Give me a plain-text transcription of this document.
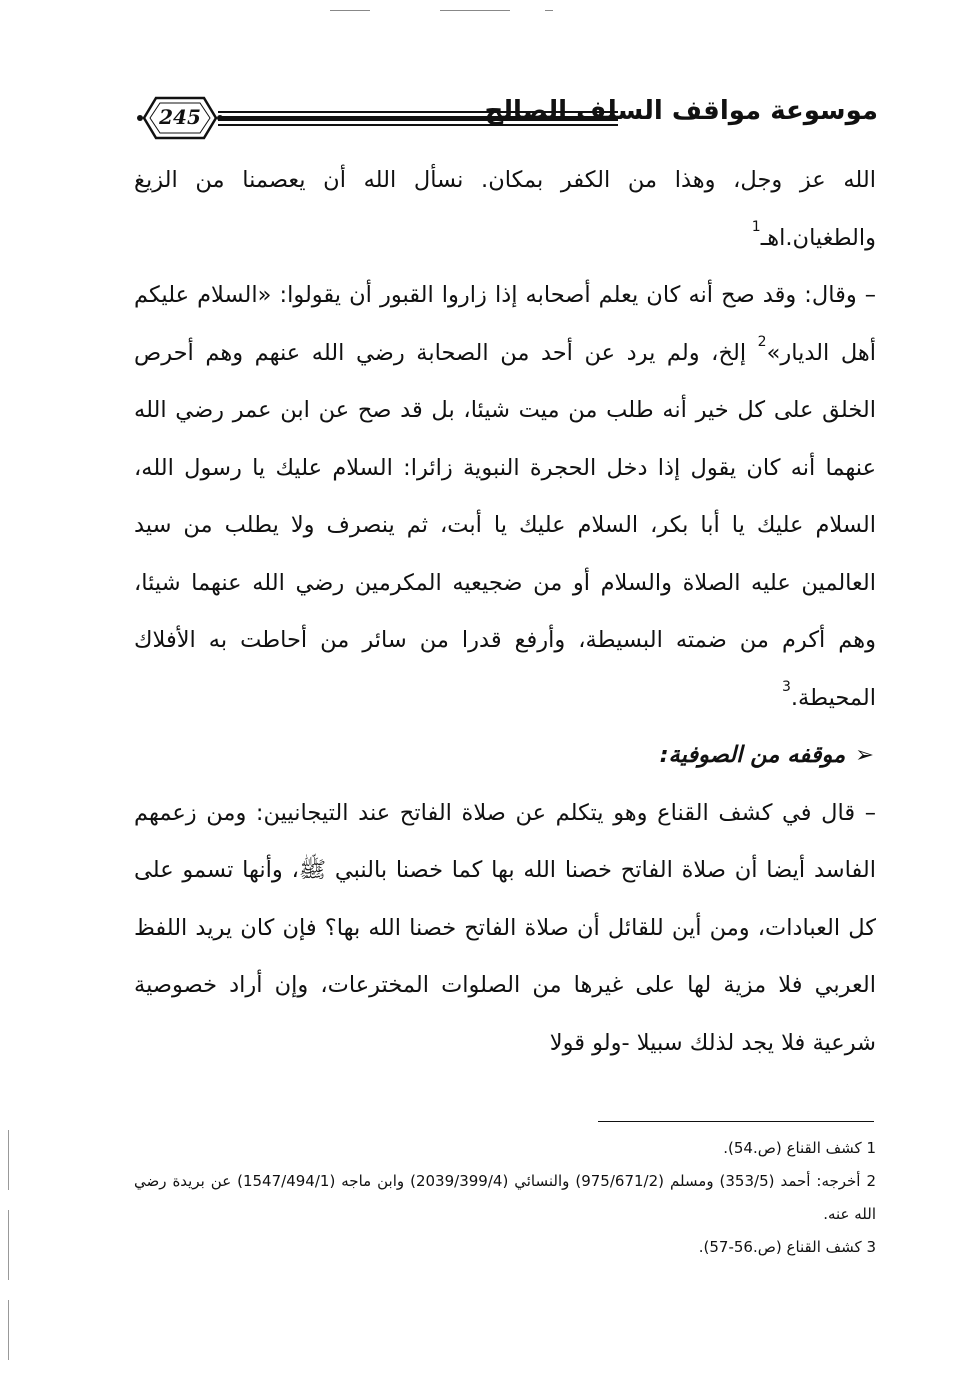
245	موسوعة مواقف السلف الصالح

الله عز وجل، وهذا من الكفر بمكان. نسأل الله أن يعصمنا من الزيغ والطغيان.اهـ$^1$

– وقال: وقد صح أنه كان يعلم أصحابه إذا زاروا القبور أن يقولوا: «السلام عليكم أهل الديار»$^2$ إلخ، ولم يرد عن أحد من الصحابة رضي الله عنهم وهم أحرص الخلق على كل خير أنه طلب من ميت شيئا، بل قد صح عن ابن عمر رضي الله عنهما أنه كان يقول إذا دخل الحجرة النبوية زائرا: السلام عليك يا رسول الله، السلام عليك يا أبا بكر، السلام عليك يا أبت، ثم ينصرف ولا يطلب من سيد العالمين عليه الصلاة والسلام أو من ضجيعيه المكرمين رضي الله عنهما شيئا، وهم أكرم من ضمته البسيطة، وأرفع قدرا من سائر من أحاطت به الأفلاك المحيطة.$^3$

➢موقفه من الصوفية:

– قال في كشف القناع وهو يتكلم عن صلاة الفاتح عند التيجانيين: ومن زعمهم الفاسد أيضا أن صلاة الفاتح خصنا الله بها كما خصنا بالنبي ﷺ، وأنها تسمو على كل العبادات، ومن أين للقائل أن صلاة الفاتح خصنا الله بها؟ فإن كان يريد اللفظ العربي فلا مزية لها على غيرها من الصلوات المخترعات، وإن أراد خصوصية شرعية فلا يجد لذلك سبيلا -ولو قولا

1 كشف القناع (ص.54).

2 أخرجه: أحمد (353/5) ومسلم (975/671/2) والنسائي (2039/399/4) وابن ماجه (1547/494/1) عن بريدة رضي الله عنه.

3 كشف القناع (ص.56-57).
